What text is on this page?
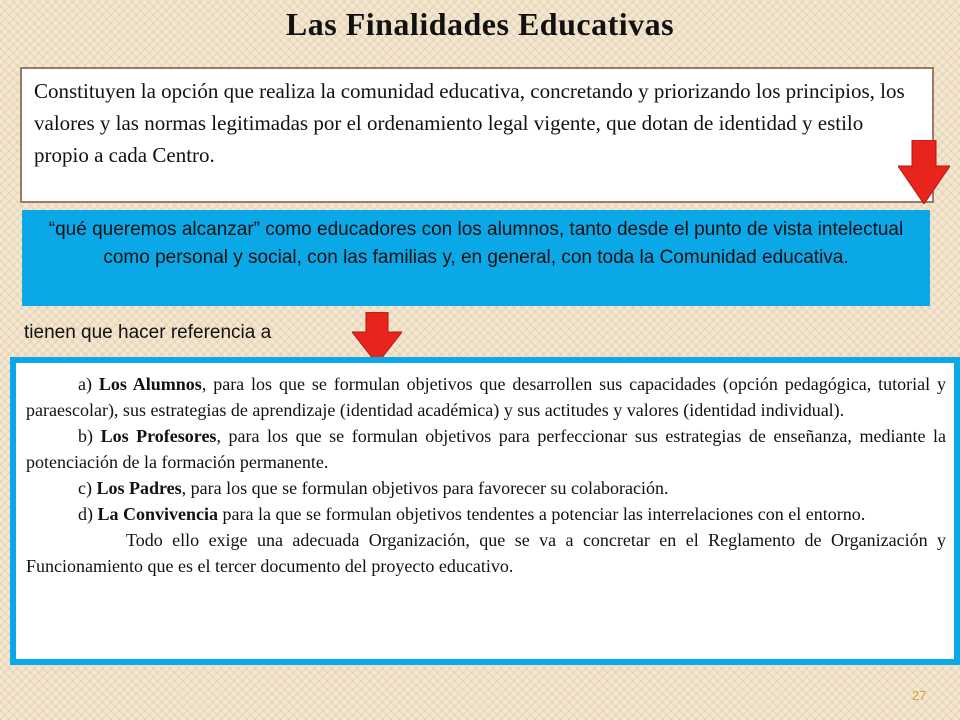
Las Finalidades Educativas
Constituyen la opción que realiza la comunidad educativa, concretando y priorizando los principios, los valores y las normas legitimadas por el ordenamiento legal vigente, que dotan de identidad y estilo propio a cada Centro.
“qué queremos alcanzar” como educadores con los alumnos, tanto desde el punto de vista intelectual como personal y social, con las familias y, en general, con toda la Comunidad educativa.
tienen que hacer referencia a

a) Los Alumnos, para los que se formulan objetivos que desarrollen sus capacidades (opción pedagógica, tutorial y paraescolar), sus estrategias de aprendizaje (identidad académica) y sus actitudes y valores (identidad individual).

b) Los Profesores, para los que se formulan objetivos para perfeccionar sus estrategias de enseñanza, mediante la potenciación de la formación permanente.

c) Los Padres, para los que se formulan objetivos para favorecer su colaboración.

d) La Convivencia para la que se formulan objetivos tendentes a potenciar las interrelaciones con el entorno.

Todo ello exige una adecuada Organización, que se va a concretar en el Reglamento de Organización y Funcionamiento que es el tercer documento del proyecto educativo.

27
